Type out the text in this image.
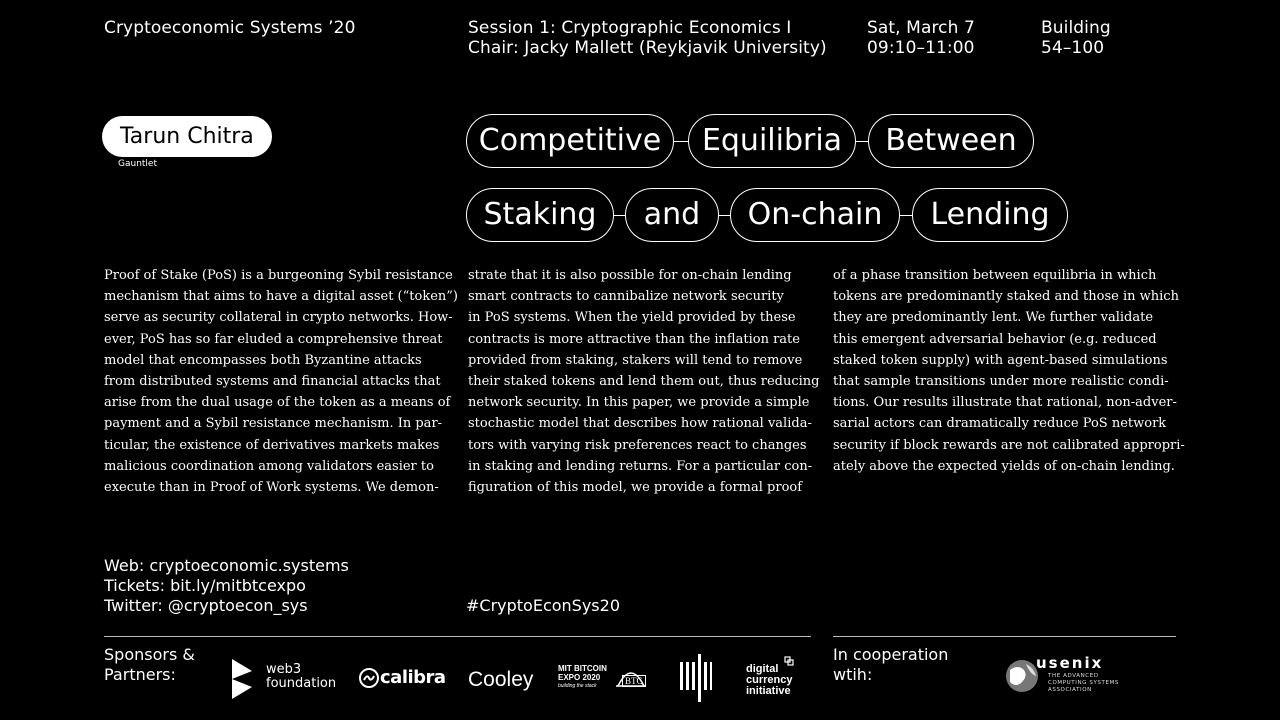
Cryptoeconomic Systems ’20	Session 1: Cryptographic Economics I
Chair: Jacky Mallett (Reykjavik University)
Sat, March 7
09:10–11:00
Building
54–100
Tarun Chitra
Gauntlet
Competitive	Equilibria	Between
Staking	and	On-chain	Lending
Proof of Stake (PoS) is a burgeoning Sybil resistance
mechanism that aims to have a digital asset (“token”)
serve as security collateral in crypto networks. How-
ever, PoS has so far eluded a comprehensive threat
model that encompasses both Byzantine attacks
from distributed systems and financial attacks that
arise from the dual usage of the token as a means of
payment and a Sybil resistance mechanism. In par-
ticular, the existence of derivatives markets makes
malicious coordination among validators easier to
execute than in Proof of Work systems. We demon-
strate that it is also possible for on-chain lending
smart contracts to cannibalize network security
in PoS systems. When the yield provided by these
contracts is more attractive than the inflation rate
provided from staking, stakers will tend to remove
their staked tokens and lend them out, thus reducing
network security. In this paper, we provide a simple
stochastic model that describes how rational valida-
tors with varying risk preferences react to changes
in staking and lending returns. For a particular con-
figuration of this model, we provide a formal proof
of a phase transition between equilibria in which
tokens are predominantly staked and those in which
they are predominantly lent. We further validate
this emergent adversarial behavior (e.g. reduced
staked token supply) with agent-based simulations
that sample transitions under more realistic condi-
tions. Our results illustrate that rational, non-adver-
sarial actors can dramatically reduce PoS network
security if block rewards are not calibrated appropri-
ately above the expected yields of on-chain lending.
Web: cryptoeconomic.systems
Tickets: bit.ly/mitbtcexpo
Twitter: @cryptoecon_sys	#CryptoEconSys20
Sponsors &
Partners:	web3
foundation calibra Cooley	MIT BITCOIN
EXPO 2020
building the stack	BTC
digital
currency
initiative
In cooperation
wtih:
usenix
THE ADVANCED
COMPUTING SYSTEMS
ASSOCIATION
